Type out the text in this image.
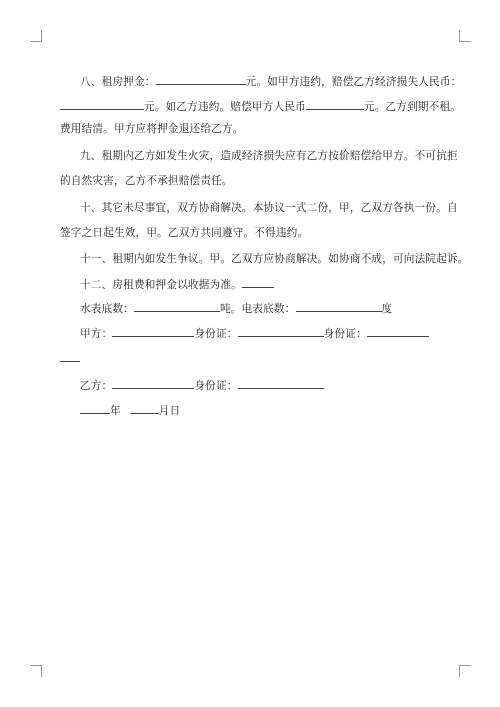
八、租房押金：	元。如甲方违约，赔偿乙方经济损失人民币：
元。如乙方违约。赔偿甲方人民币	元。乙方到期不租。
费用结清。甲方应将押金退还给乙方。
九、租期内乙方如发生火灾，造成经济损失应有乙方按价赔偿给甲方。不可抗拒
的自然灾害，乙方不承担赔偿责任。
十、其它未尽事宜，双方协商解决。本协议一式二份，甲，乙双方各执一份。自
签字之日起生效，甲。乙双方共同遵守。不得违约。
十一、租期内如发生争议。甲。乙双方应协商解决。如协商不成，可向法院起诉。
十二、房租费和押金以收据为准。
水表底数：	吨。电表底数：	度
甲方：	身份证：	身份证：
乙方：	身份证：
年	月日
